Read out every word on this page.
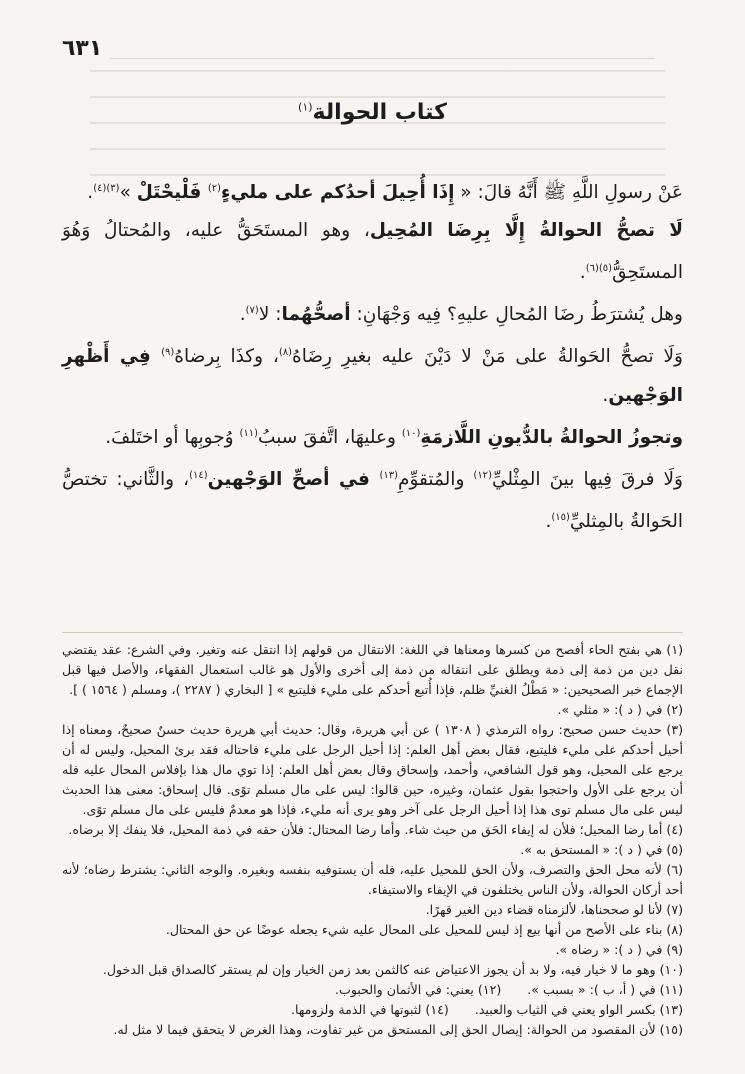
٦٣١
كتاب الحوالة$^{(١)}$

عَنْ رسولِ اللَّهِ ﷺ أَنَّهُ قالَ: « إِذَا أُحِيلَ أحدُكم على مليءٍ$^{(٢)}$ فَلْيحْتَلْ »$^{(٣)(٤)}$.

لَا تصحُّ الحوالةُ إِلَّا بِرِضَا المُحِيل، وهو المستَحَقُّ عليه، والمُحتالُ وَهُوَ المستَحِقُّ$^{(٥)(٦)}$.

وهل يُشترَطُ رضَا المُحالِ عليهِ؟ فِيه وَجْهَانِ: أصحُّهُما: لا$^{(٧)}$.

وَلَا تصحُّ الحَوالةُ على مَنْ لا دَيْنَ عليه بغيرِ رِضَاهُ$^{(٨)}$، وكذَا بِرضاهُ$^{(٩)}$ فِي أَظْهرِ الوَجْهين.

وتجوزُ الحوالةُ بالدُّيونِ اللَّازمَةِ$^{(١٠)}$ وعليهَا، اتَّفقَ سببُ$^{(١١)}$ وُجوبِها أو اختَلفَ.

وَلَا فرقَ فِيها بينَ المِثْليِّ$^{(١٢)}$ والمُتقوِّمِ$^{(١٣)}$ في أصحِّ الوَجْهين$^{(١٤)}$، والثَّاني: تختصُّ الحَوالةُ بالمِثليِّ$^{(١٥)}$.

(١) هي بفتح الحاء أفصح من كسرها ومعناها في اللغة: الانتقال من قولهم إذا انتقل عنه وتغير. وفي الشرع: عقد يقتضي نقل دين من ذمة إلى ذمة ويطلق على انتقاله من ذمة إلى أخرى والأول هو غالب استعمال الفقهاء، والأصل فيها قبل الإجماع خبر الصحيحين: « مَطْلُ الغنيِّ ظلم، فإذا أُتبع أحدكم على مليء فليتبع » [ البخاري ( ٢٢٨٧ )، ومسلم ( ١٥٦٤ ) ].

(٢) في ( د ): « مثلي ».

(٣) حديث حسن صحيح: رواه الترمذي ( ١٣٠٨ ) عن أبي هريرة، وقال: حديث أبي هريرة حديث حسنٌ صحيحٌ، ومعناه إذا أحيل أحدكم على مليء فليتبع، فقال بعض أهل العلم: إذا أحيل الرجل على مليء فاحتاله فقد برئ المحيل، وليس له أن يرجع على المحيل، وهو قول الشافعي، وأحمد، وإسحاق وقال بعض أهل العلم: إذا توي مال هذا بإفلاس المحال عليه فله أن يرجع على الأول واحتجوا بقول عثمان، وغيره، حين قالوا: ليس على مال مسلم توًى. قال إسحاق: معنى هذا الحديث ليس على مال مسلم توى هذا إذا أحيل الرجل على آخر وهو يرى أنه مليء، فإذا هو معدمٌ فليس على مال مسلم توًى.

(٤) أما رضا المحيل؛ فلأن له إيفاء الحَق من حيث شاء. وأما رضا المحتال: فلأن حقه في ذمة المحيل، فلا ينفك إلا برضاه.

(٥) في ( د ): « المستحق به ».

(٦) لأنه محل الحق والتصرف، ولأن الحق للمحيل عليه، فله أن يستوفيه بنفسه وبغيره. والوجه الثاني: يشترط رضاه؛ لأنه أحد أركان الحوالة، ولأن الناس يختلفون في الإيفاء والاستيفاء.

(٧) لأنا لو صححناها، لألزمناه قضاء دين الغير قهرًا.

(٨) بناء على الأصح من أنها بيع إذ ليس للمحيل على المحال عليه شيء يجعله عوضًا عن حق المحتال.

(٩) في ( د ): « رضاه ».

(١٠) وهو ما لا خيار فيه، ولا بد أن يجوز الاعتياض عنه كالثمن بعد زمن الخيار وإن لم يستقر كالصداق قبل الدخول.

(١١) في ( أ، ب ): « بسبب ».
(١٢) يعني: في الأثمان والحبوب.
(١٣) بكسر الواو يعني في الثياب والعبيد.
(١٤) لثبوتها في الذمة ولزومها.

(١٥) لأن المقصود من الحوالة: إيصال الحق إلى المستحق من غير تفاوت، وهذا الغرض لا يتحقق فيما لا مثل له.
